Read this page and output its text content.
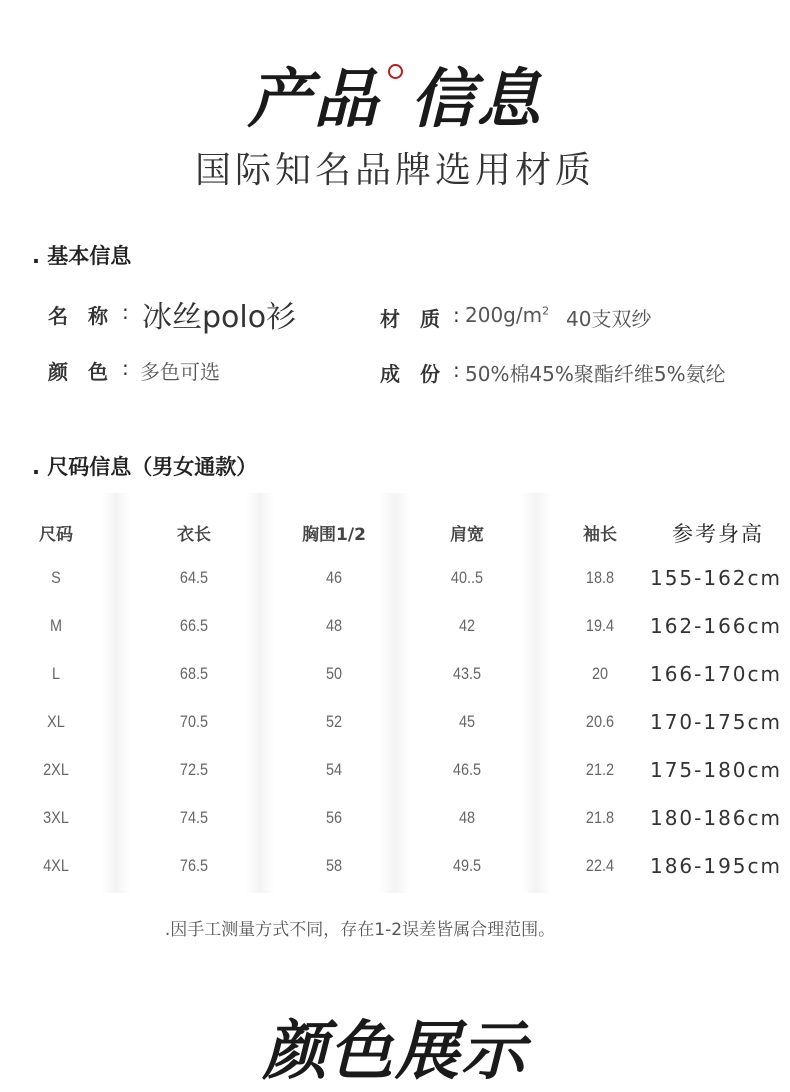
产品 信息
国际知名品牌选用材质
. 基本信息
名　称 : 冰丝polo衫
颜　色 : 多色可选
材　质 : $200g/m^2$ 40支双纱
成　份 : 50%棉45%聚酯纤维5%氨纶
. 尺码信息（男女通款）
尺码	衣长	胸围1/2	肩宽	袖长	参考身高
S	64.5	46	40..5	18.8	155-162cm
M	66.5	48	42	19.4	162-166cm
L	68.5	50	43.5	20	166-170cm
XL	70.5	52	45	20.6	170-175cm
2XL	72.5	54	46.5	21.2	175-180cm
3XL	74.5	56	48	21.8	180-186cm
4XL	76.5	58	49.5	22.4	186-195cm
.因手工测量方式不同，存在1-2误差皆属合理范围。
颜色展示
